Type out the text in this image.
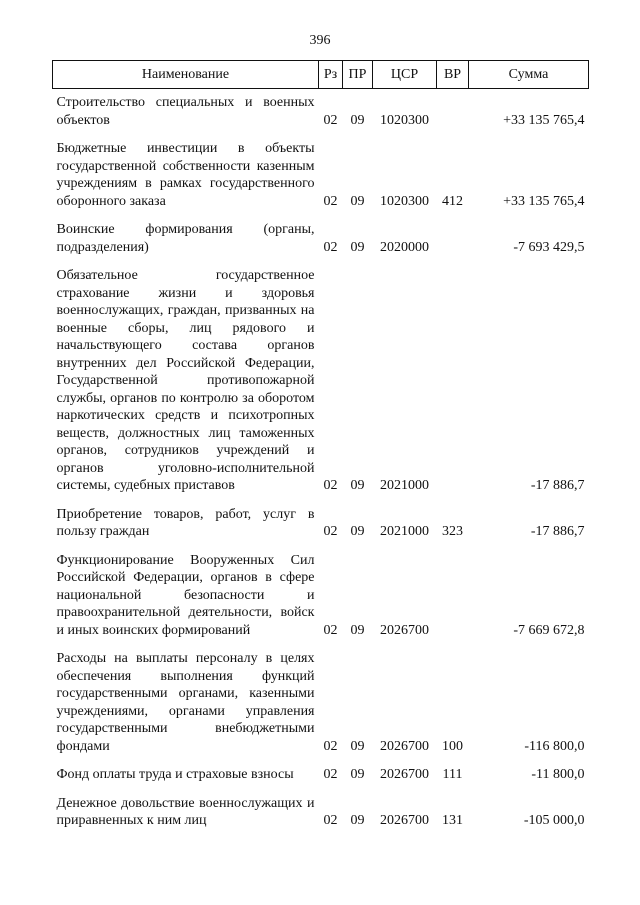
396
Наименование	Рз	ПР	ЦСР	ВР	Сумма
Строительство специальных и военных объектов	02	09	1020300		+33 135 765,4
Бюджетные инвестиции в объекты государственной собственности казенным учреждениям в рамках государственного оборонного заказа	02	09	1020300	412	+33 135 765,4
Воинские формирования (органы, подразделения)	02	09	2020000		-7 693 429,5
Обязательное государственное страхование жизни и здоровья военнослужащих, граждан, призванных на военные сборы, лиц рядового и начальствующего состава органов внутренних дел Российской Федерации, Государственной противопожарной службы, органов по контролю за оборотом наркотических средств и психотропных веществ, должностных лиц таможенных органов, сотрудников учреждений и органов уголовно-исполнительной системы, судебных приставов	02	09	2021000		-17 886,7
Приобретение товаров, работ, услуг в пользу граждан	02	09	2021000	323	-17 886,7
Функционирование Вооруженных Сил Российской Федерации, органов в сфере национальной безопасности и правоохранительной деятельности, войск и иных воинских формирований	02	09	2026700		-7 669 672,8
Расходы на выплаты персоналу в целях обеспечения выполнения функций государственными органами, казенными учреждениями, органами управления государственными внебюджетными фондами	02	09	2026700	100	-116 800,0
Фонд оплаты труда и страховые взносы	02	09	2026700	111	-11 800,0
Денежное довольствие военнослужащих и приравненных к ним лиц	02	09	2026700	131	-105 000,0
